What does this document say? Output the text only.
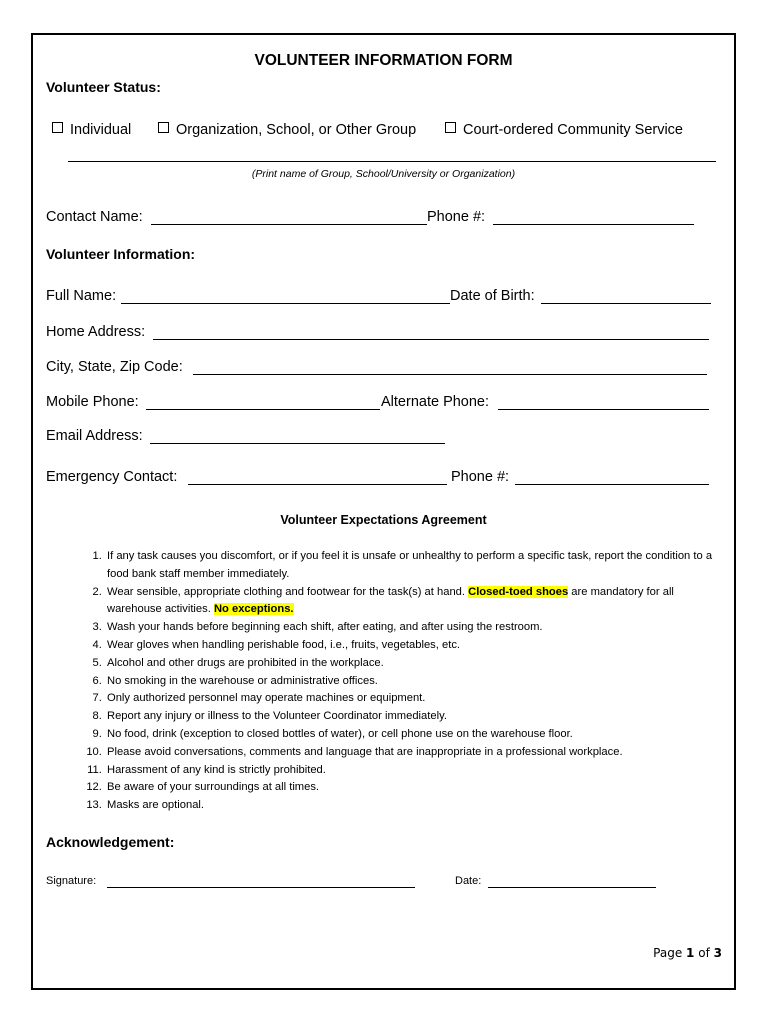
VOLUNTEER INFORMATION FORM
Volunteer Status:
Individual	Organization, School, or Other Group	Court-ordered Community Service
(Print name of Group, School/University or Organization)
Contact Name:	Phone #:
Volunteer Information:
Full Name:	Date of Birth:
Home Address:
City, State, Zip Code:
Mobile Phone:	Alternate Phone:
Email Address:
Emergency Contact:	Phone #:
Volunteer Expectations Agreement
1. If any task causes you discomfort, or if you feel it is unsafe or unhealthy to perform a specific task, report the condition to a food bank staff member immediately.
2. Wear sensible, appropriate clothing and footwear for the task(s) at hand. Closed-toed shoes are mandatory for all warehouse activities. No exceptions.
3. Wash your hands before beginning each shift, after eating, and after using the restroom.
4. Wear gloves when handling perishable food, i.e., fruits, vegetables, etc.
5. Alcohol and other drugs are prohibited in the workplace.
6. No smoking in the warehouse or administrative offices.
7. Only authorized personnel may operate machines or equipment.
8. Report any injury or illness to the Volunteer Coordinator immediately.
9. No food, drink (exception to closed bottles of water), or cell phone use on the warehouse floor.
10. Please avoid conversations, comments and language that are inappropriate in a professional workplace.
11. Harassment of any kind is strictly prohibited.
12. Be aware of your surroundings at all times.
13. Masks are optional.
Acknowledgement:
Signature:	Date:
Page 1 of 3
